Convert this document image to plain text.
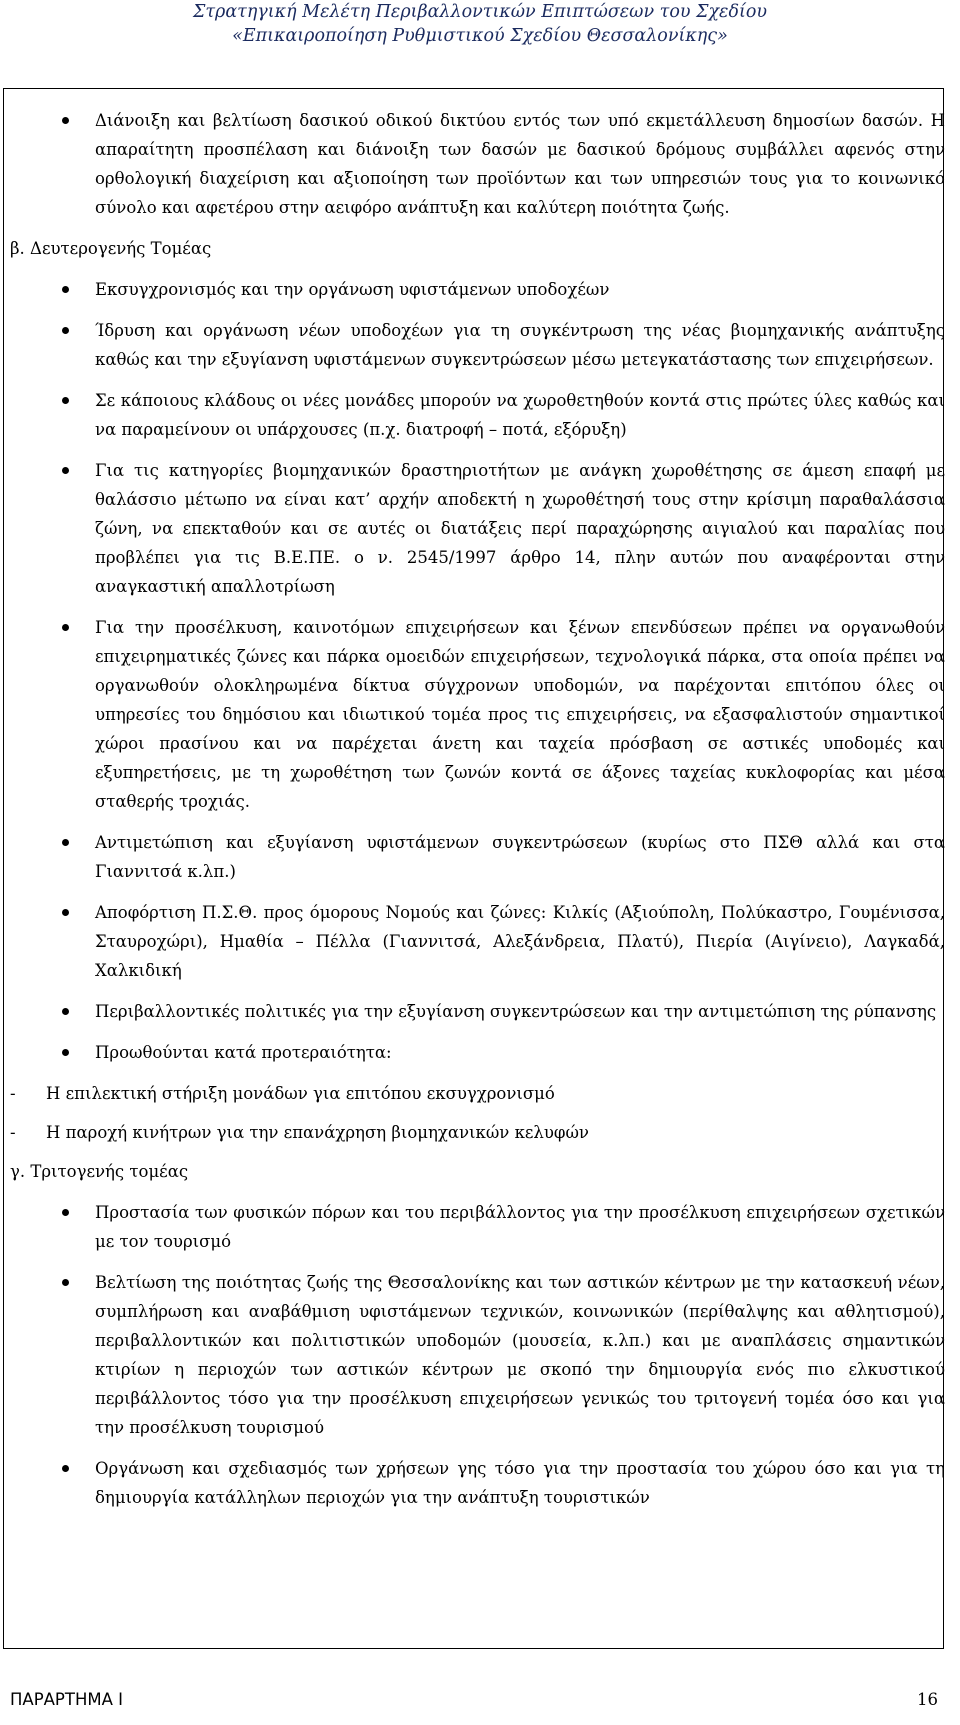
Στρατηγική Μελέτη Περιβαλλοντικών Επιπτώσεων του Σχεδίου
«Επικαιροποίηση Ρυθμιστικού Σχεδίου Θεσσαλονίκης»
Διάνοιξη και βελτίωση δασικού οδικού δικτύου εντός των υπό εκμετάλλευση δημοσίων δασών. Η απαραίτητη προσπέλαση και διάνοιξη των δασών με δασικού δρόμους συμβάλλει αφενός στην ορθολογική διαχείριση και αξιοποίηση των προϊόντων και των υπηρεσιών τους για το κοινωνικό σύνολο και αφετέρου στην αειφόρο ανάπτυξη και καλύτερη ποιότητα ζωής.
β. Δευτερογενής Τομέας
Εκσυγχρονισμός και την οργάνωση υφιστάμενων υποδοχέων
Ίδρυση και οργάνωση νέων υποδοχέων για τη συγκέντρωση της νέας βιομηχανικής ανάπτυξης καθώς και την εξυγίανση υφιστάμενων συγκεντρώσεων μέσω μετεγκατάστασης των επιχειρήσεων.
Σε κάποιους κλάδους οι νέες μονάδες μπορούν να χωροθετηθούν κοντά στις πρώτες ύλες καθώς και να παραμείνουν οι υπάρχουσες (π.χ. διατροφή – ποτά, εξόρυξη)
Για τις κατηγορίες βιομηχανικών δραστηριοτήτων με ανάγκη χωροθέτησης σε άμεση επαφή με θαλάσσιο μέτωπο να είναι κατ’ αρχήν αποδεκτή η χωροθέτησή τους στην κρίσιμη παραθαλάσσια ζώνη, να επεκταθούν και σε αυτές οι διατάξεις περί παραχώρησης αιγιαλού και παραλίας που προβλέπει για τις Β.Ε.ΠΕ. ο ν. 2545/1997 άρθρο 14, πλην αυτών που αναφέρονται στην αναγκαστική απαλλοτρίωση
Για την προσέλκυση, καινοτόμων επιχειρήσεων και ξένων επενδύσεων πρέπει να οργανωθούν επιχειρηματικές ζώνες και πάρκα ομοειδών επιχειρήσεων, τεχνολογικά πάρκα, στα οποία πρέπει να οργανωθούν ολοκληρωμένα δίκτυα σύγχρονων υποδομών, να παρέχονται επιτόπου όλες οι υπηρεσίες του δημόσιου και ιδιωτικού τομέα προς τις επιχειρήσεις, να εξασφαλιστούν σημαντικοί χώροι πρασίνου και να παρέχεται άνετη και ταχεία πρόσβαση σε αστικές υποδομές και εξυπηρετήσεις, με τη χωροθέτηση των ζωνών κοντά σε άξονες ταχείας κυκλοφορίας και μέσα σταθερής τροχιάς.
Αντιμετώπιση και εξυγίανση υφιστάμενων συγκεντρώσεων (κυρίως στο ΠΣΘ αλλά και στα Γιαννιτσά κ.λπ.)
Αποφόρτιση Π.Σ.Θ. προς όμορους Νομούς και ζώνες: Κιλκίς (Αξιούπολη, Πολύκαστρο, Γουμένισσα, Σταυροχώρι), Ημαθία – Πέλλα (Γιαννιτσά, Αλεξάνδρεια, Πλατύ), Πιερία (Αιγίνειο), Λαγκαδά, Χαλκιδική
Περιβαλλοντικές πολιτικές για την εξυγίανση συγκεντρώσεων και την αντιμετώπιση της ρύπανσης
Προωθούνται κατά προτεραιότητα:
- Η επιλεκτική στήριξη μονάδων για επιτόπου εκσυγχρονισμό
- Η παροχή κινήτρων για την επανάχρηση βιομηχανικών κελυφών
γ. Τριτογενής τομέας
Προστασία των φυσικών πόρων και του περιβάλλοντος για την προσέλκυση επιχειρήσεων σχετικών με τον τουρισμό
Βελτίωση της ποιότητας ζωής της Θεσσαλονίκης και των αστικών κέντρων με την κατασκευή νέων, συμπλήρωση και αναβάθμιση υφιστάμενων τεχνικών, κοινωνικών (περίθαλψης και αθλητισμού), περιβαλλοντικών και πολιτιστικών υποδομών (μουσεία, κ.λπ.) και με αναπλάσεις σημαντικών κτιρίων η περιοχών των αστικών κέντρων με σκοπό την δημιουργία ενός πιο ελκυστικού περιβάλλοντος τόσο για την προσέλκυση επιχειρήσεων γενικώς του τριτογενή τομέα όσο και για την προσέλκυση τουρισμού
Οργάνωση και σχεδιασμός των χρήσεων γης τόσο για την προστασία του χώρου όσο και για τη δημιουργία κατάλληλων περιοχών για την ανάπτυξη τουριστικών
ΠΑΡΑΡΤΗΜΑ Ι	16
